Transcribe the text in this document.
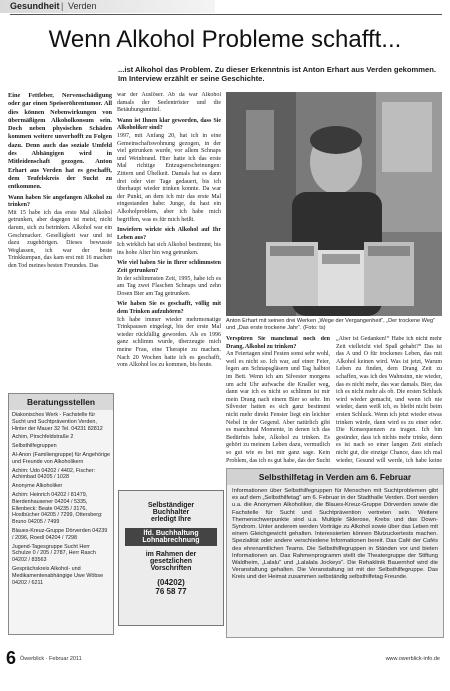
Gesundheit | Verden
Wenn Alkohol Probleme schafft...
...ist Alkohol das Problem. Zu dieser Erkenntnis ist Anton Erhart aus Verden gekommen. Im Interview erzählt er seine Geschichte.

Eine Fettleber, Nervenschädigung oder gar einen Speiseröhrentumor. All dies können Nebenwirkungen von übermäßigem Alkoholkonsum sein. Doch neben physischen Schäden kommen weitere unverhofft zu Folgen dazu. Denn auch das soziale Umfeld des Abhängigen wird in Mitleidenschaft gezogen. Anton Erhart aus Verden hat es geschafft, dem Teufelskreis der Sucht zu entkommen.

Wann haben Sie angefangen Alkohol zu trinken?

Mit 15 habe ich das erste Mal Alkohol getrunken, aber dagegen ist meist, nicht darum, sich zu betrinken. Alkohol war ein Geschmacker. Geselligkeit war und ist dazu zugehörigen. Dieses bewusste Weglassen, ich war der beste Trinkkumpan, das kam erst mit 16 machen den Tod meines besten Freundes. Das

Beratungsstellen
Diakonisches Werk - Fachstelle für Sucht und Suchtprävention Verden, Hinter der Mauer 32 Tel. 04231 82812
Achim, Pirschfeldstraße 2
Selbsthilfegruppen
Al-Anon (Familiengruppe) für Angehörige und Freunde von Alkoholikern
Achim: Udo 04202 / 4402, Fischer: Achimbad 04205 / 1028
Anonyme Alkoholiker
Achim: Heinrich 04202 / 81479, Bierdenhausener 04204 / 5335, Ellenbeck: Beate 04235 / 3176, Hostbücher 04205 / 7299, Ottersberg: Bruno 04205 / 7499
Blaues-Kreuz-Gruppe Dörverden 04239 / 2096, Roedl 04204 / 7298
Jugend-Tagesgruppe Sucht Herr Schulze 0 / 205 / 2787, Herr Rasch 04202 / 83563
Gesprächskreis Alkohol- und Medikamentenabhängige Uwe Wöbse 04202 / 6211

war der Auslöser. Ab da war Alkohol damals der Seelentröster und die Betäubungsmittel.

Wann ist Ihnen klar geworden, dass Sie Alkoholiker sind?

1997, mit Anfang 20, hat ich in eine Gemeinschaftswohnung gezogen, in der viel getrunken wurde, vor allem Schnaps und Weinbrand. Hier hatte ich das erste Mal richtige Entzugserscheinungen: Zittern und Übelkeit. Damals hat es dann drei oder vier Tage gedauert, bis ich überhaupt wieder trinken konnte. Da war der Punkt, an dem ich mir das erste Mal eingestanden habe: Junge, du hast ein Alkoholproblem, aber ich habe mich begriffen, was es für mich heißt.

Inwiefern wirkte sich Alkohol auf Ihr Leben aus?

Ich wirklich hat sich Alkohol bestimmt, bis ins hohe Alter hin weg getrunken.

Wie viel haben Sie in Ihrer schlimmsten Zeit getrunken?

In der schlimmsten Zeit, 1995, habe ich es am Tag zwei Flaschen Schnaps und zehn Dosen Bier am Tag getrunken.

Wie haben Sie es geschafft, völlig mit dem Trinken aufzuhören?

Ich habe immer wieder mehrmonatige Trinkpausen eingelegt, bis der erste Mal wieder rückfällig geworden. Als es 1996 ganz schlimm wurde, überzeugte mich meine Frau, eine Therapie zu machen. Nach 20 Wochen hatte ich es geschafft, vom Alkohol los zu kommen, bis heute.

Selbständiger
Buchhalter
erledigt Ihre
lfd. Buchhaltung
Lohnabrechnung
im Rahmen der
gesetzlichen
Vorschriften
(04202)
76 58 77
Anton Erhart mit seinen drei Werken „Wege der Vergangenheit“, „Der trockene Weg“ und „Das erste trockene Jahr“. (Foto: ts)

Verspüren Sie manchmal noch den Drang, Alkohol zu trinken?

An Feiertagen sind Festen sonst sehr wohl, weil es nicht so. Ich war, auf einer Feier, legen am Schnapsgläsern und Tag halbtot im Bett. Wenn ich am Silvester morgens um acht Uhr aufwache die Knaller weg, dann war ich es nicht so schlimm ist mir mein Drang nach einem Bier so sehr. Im Silvester hatten es sich ganz bestimmt nicht mehr direkt Fenster liegt ein leichter Nebel in der Gegend. Aber natürlich gibt es manchmal Momente, in denen ich das Bedürfnis habe, Alkohol zu trinken. Es gehört zu meinem Leben dazu, vermutlich so gut wie es bei mir ganz sage. Kein Problem, das ich es gut habe, das der Sucht

„Aber ist Gedanken!“ Habe ich nicht mehr Zeit vielleicht viel Spaß gehabt?“ Das ist das A und O für trockenes Leben, das mit Alkohol keinen wird. Was ist jetzt, Warum Leben zu finden, dem Drang Zeit zu schaffen, was ich des Wahnsinn, nie wieder, das es nicht mehr, das war damals. Bier, das ich es nicht mehr als ob. Die ersten Schluck wird wieder gemacht, und wenn ich nie wieder, dann weiß ich, es bleibt nicht beim ersten Schluck. Wenn ich jetzt wieder etwas trinken würde, dann wird es zu einer oder. Die Konsequenzen zu tragen. Ich bin gesünder, dass ich nichts mehr trinke, denn es ist nach so einer langen Zeit einfach nicht gut, die einzige Chance, dass ich mal wieder, Gesund will werde, ich habe keine

Selbsthilfetag in Verden am 6. Februar
Informationen über Selbsthilfegruppen für Menschen mit Suchtproblemen gibt es auf dem „Selbsthilfetag“ am 6. Februar in der Stadthalle Verden. Dort werden u.a. die Anonymen Alkoholiker, die Blaues-Kreuz-Gruppe Dörverden sowie die Fachstelle für Sucht und Suchtprävention vertreten sein. Weitere Themenschwerpunkte sind u.a. Multiple Sklerose, Krebs und das Down-Syndrom. Unter anderem werden Vorträge zu Alkohol sowie über das Leben mit einem Gleichgewicht gehalten. Interessierten können Blutzuckertests machen. Spezialität oder andere verschiedene Informationen bereit. Das Café der Cafés des ehrenamtlichen Teams. Die Selbsthilfegruppen in Ständen vor und bieten Informationen an. Das Rahmenprogramm stellt die Theatergruppe der Stiftung Waldheim, „Lalalu“ und „Lalalala Jockeys“. Die Rehaklinik Bauernhof wird die Veranstaltung gehalten. Die Veranstaltung ist mit der Selbsthilfegruppe. Das Kreis und der Heimat zusammen selbständig selbsthilfetag Freunde.
6 Öwerblick · Februar 2011	www.owerblick-info.de
